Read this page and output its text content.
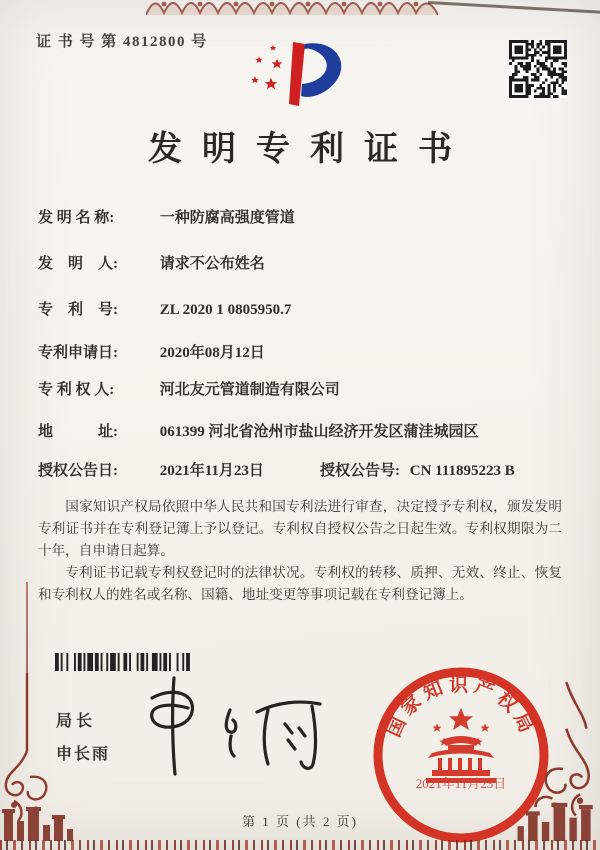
证 书 号 第 4812800 号
发明专利证书
发 明 名 称:	一种防腐高强度管道
发　明　人:	请求不公布姓名
专　利　号:	ZL 2020 1 0805950.7
专利申请日:	2020年08月12日
专 利 权 人:	河北友元管道制造有限公司
地　　　址:	061399 河北省沧州市盐山经济开发区蒲洼城园区
授权公告日:	2021年11月23日	授权公告号: CN 111895223 B

国家知识产权局依照中华人民共和国专利法进行审查，决定授予专利权，颁发发明专利证书并在专利登记簿上予以登记。专利权自授权公告之日起生效。专利权期限为二十年，自申请日起算。

专利证书记载专利权登记时的法律状况。专利权的转移、质押、无效、终止、恢复和专利权人的姓名或名称、国籍、地址变更等事项记载在专利登记簿上。

局长
申长雨
国家知识产权局
2021年11月23日
第 1 页 (共 2 页)
